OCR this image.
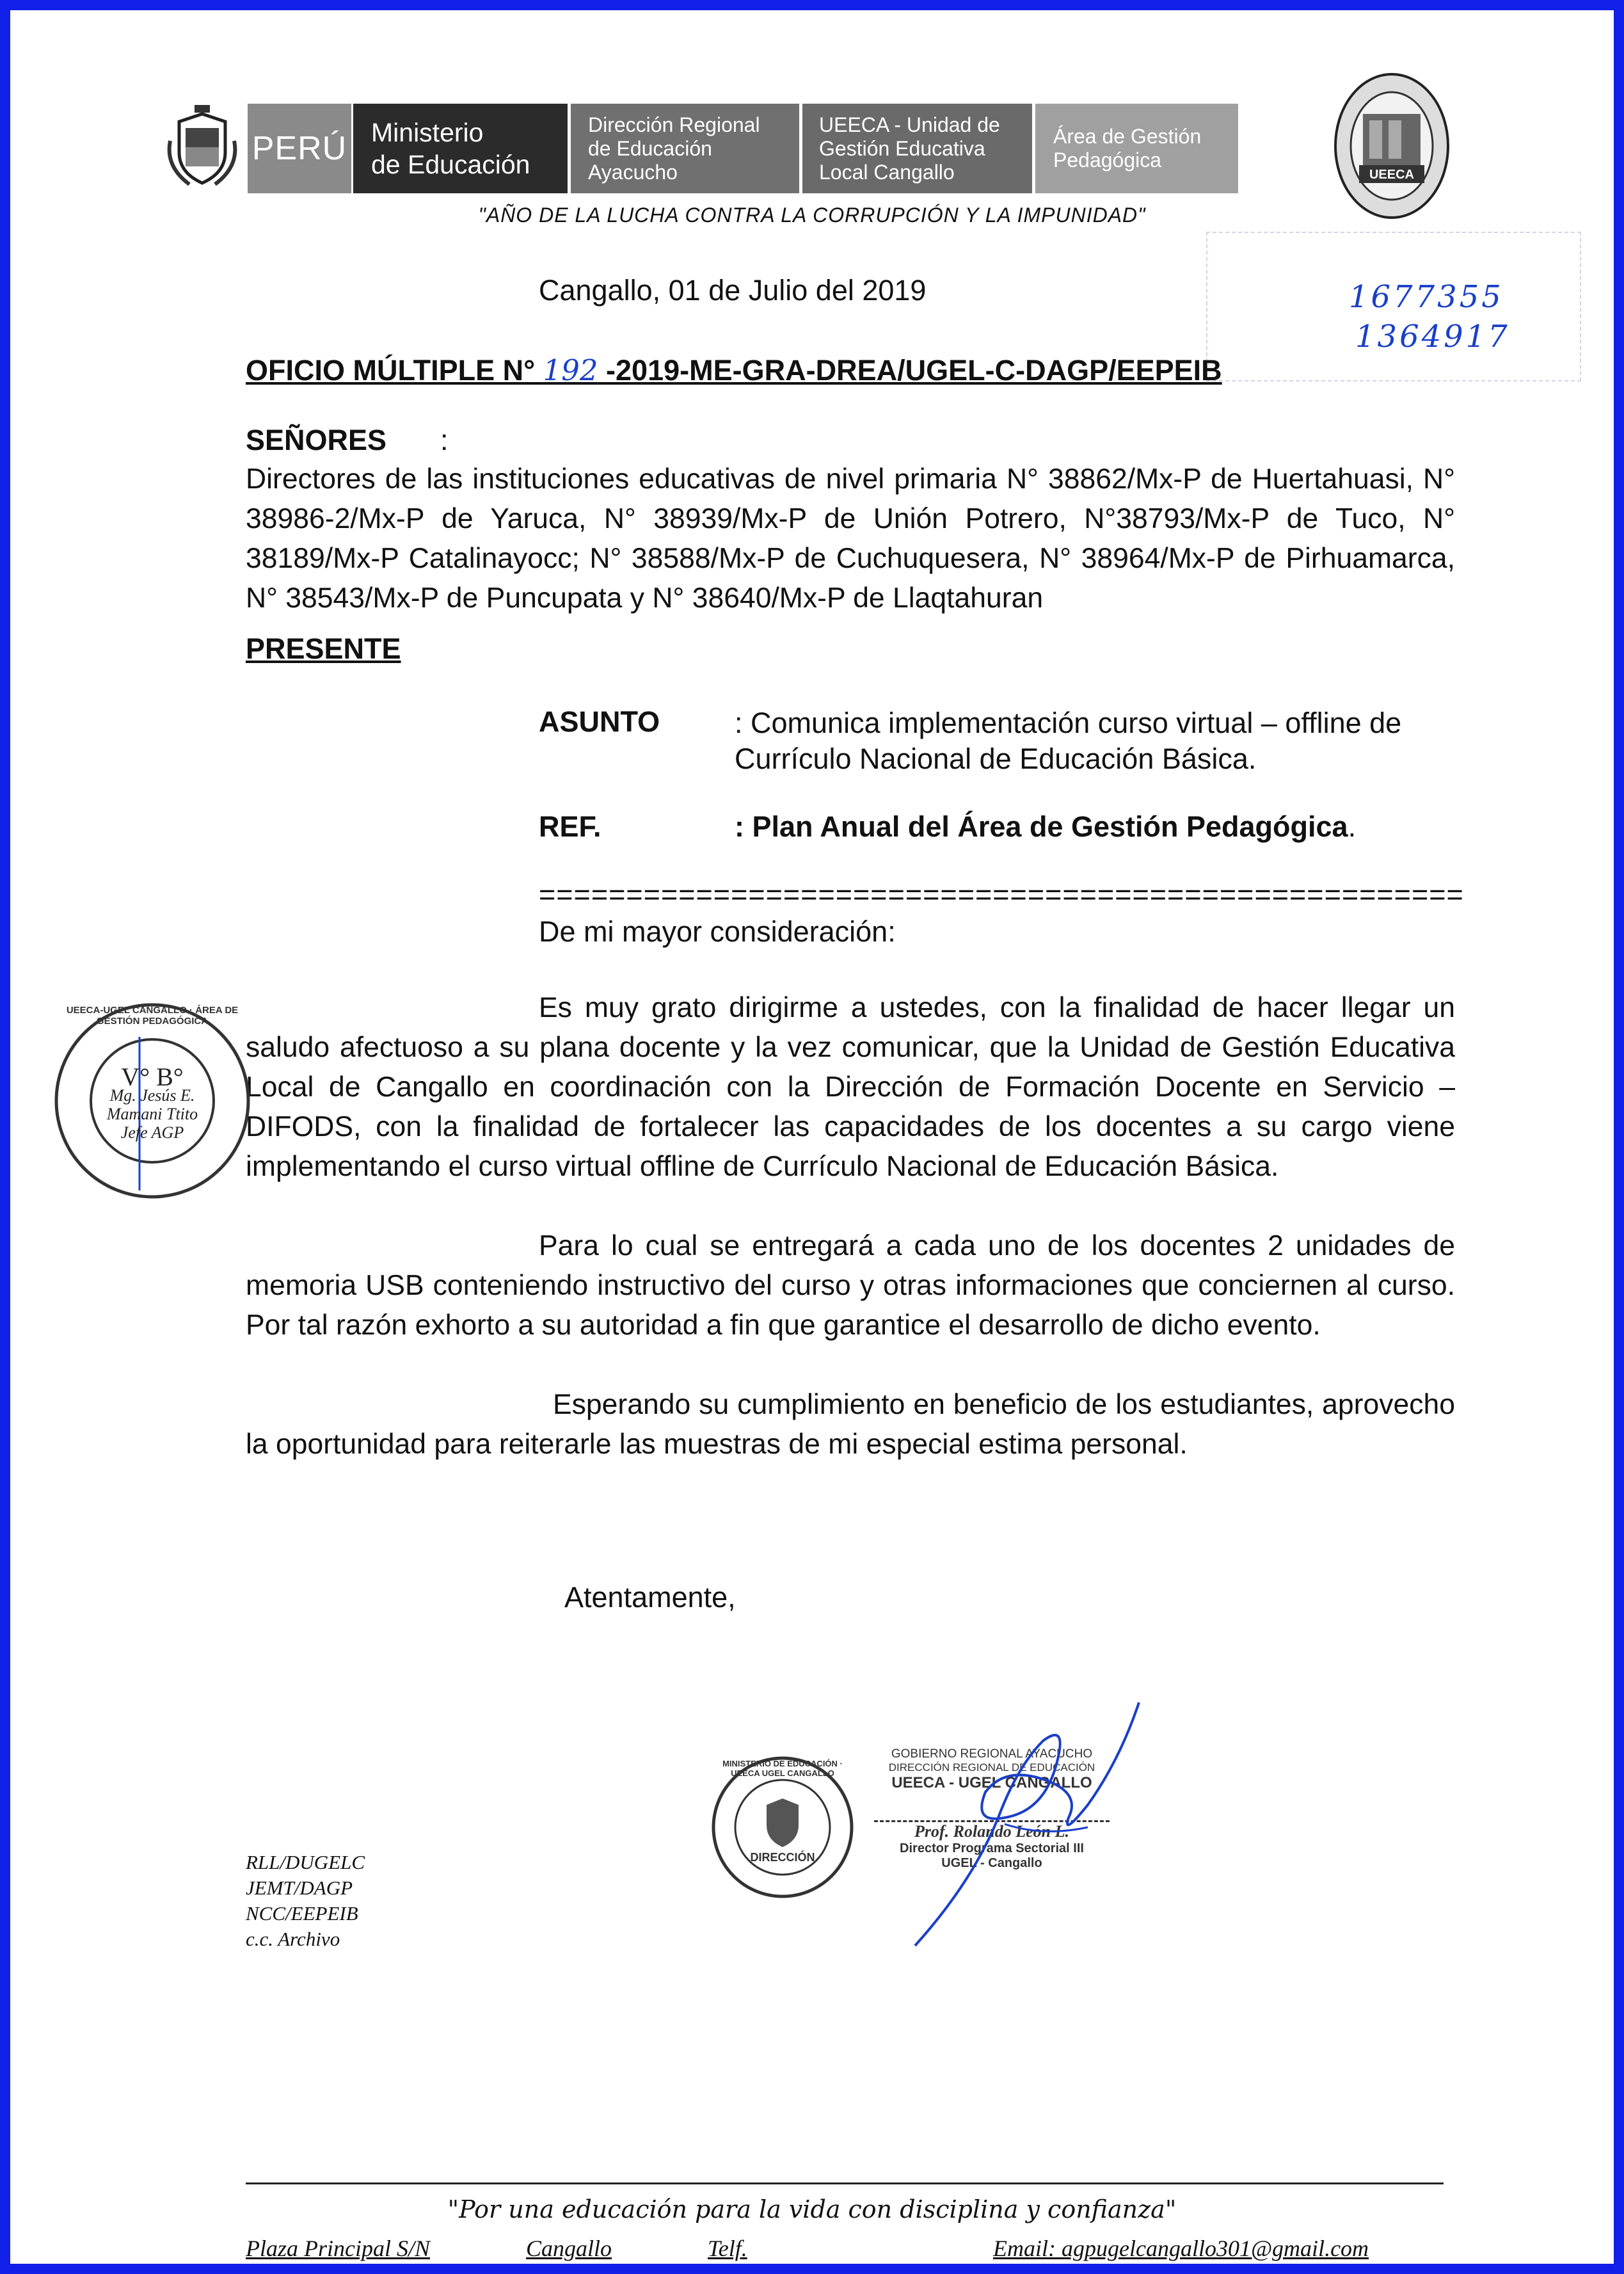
PERÚ Ministerio
de Educación
Dirección Regional
de Educación
Ayacucho
UEECA - Unidad de
Gestión Educativa
Local Cangallo
Área de Gestión
Pedagógica
UEECA
"AÑO DE LA LUCHA CONTRA LA CORRUPCIÓN Y LA IMPUNIDAD"
Cangallo, 01 de Julio del 2019	1677355
1364917
OFICIO MÚLTIPLE N° 192 -2019-ME-GRA-DREA/UGEL-C-DAGP/EEPEIB
SEÑORES :
Directores de las instituciones educativas de nivel primaria N° 38862/Mx-P de Huertahuasi, N° 38986-2/Mx-P de Yaruca, N° 38939/Mx-P de Unión Potrero, N°38793/Mx-P de Tuco, N° 38189/Mx-P Catalinayocc; N° 38588/Mx-P de Cuchuquesera, N° 38964/Mx-P de Pirhuamarca, N° 38543/Mx-P de Puncupata y N° 38640/Mx-P de Llaqtahuran
PRESENTE
ASUNTO	: Comunica implementación curso virtual – offline de Currículo Nacional de Educación Básica.
REF.	: Plan Anual del Área de Gestión Pedagógica.
=====================================================
De mi mayor consideración:
Es muy grato dirigirme a ustedes, con la finalidad de hacer llegar un saludo afectuoso a su plana docente y la vez comunicar, que la Unidad de Gestión Educativa Local de Cangallo en coordinación con la Dirección de Formación Docente en Servicio – DIFODS, con la finalidad de fortalecer las capacidades de los docentes a su cargo viene implementando el curso virtual offline de Currículo Nacional de Educación Básica.
Para lo cual se entregará a cada uno de los docentes 2 unidades de memoria USB conteniendo instructivo del curso y otras informaciones que conciernen al curso. Por tal razón exhorto a su autoridad a fin que garantice el desarrollo de dicho evento.
Esperando su cumplimiento en beneficio de los estudiantes, aprovecho la oportunidad para reiterarle las muestras de mi especial estima personal.
V° B°
Mg. Jesús E.
Mamani Ttito
Jefe AGP
UEECA-UGEL CANGALLO · ÁREA DE GESTIÓN PEDAGÓGICA
Atentamente,
MINISTERIO DE EDUCACIÓN · UEECA UGEL CANGALLO
DIRECCIÓN
GOBIERNO REGIONAL AYACUCHO
DIRECCIÓN REGIONAL DE EDUCACIÓN
UEECA - UGEL CANGALLO
Prof. Rolando León L.
Director Programa Sectorial III
UGEL - Cangallo
RLL/DUGELC
JEMT/DAGP
NCC/EEPEIB
c.c. Archivo
"Por una educación para la vida con disciplina y confianza"
Plaza Principal S/N	Cangallo	Telf.	Email: agpugelcangallo301@gmail.com
